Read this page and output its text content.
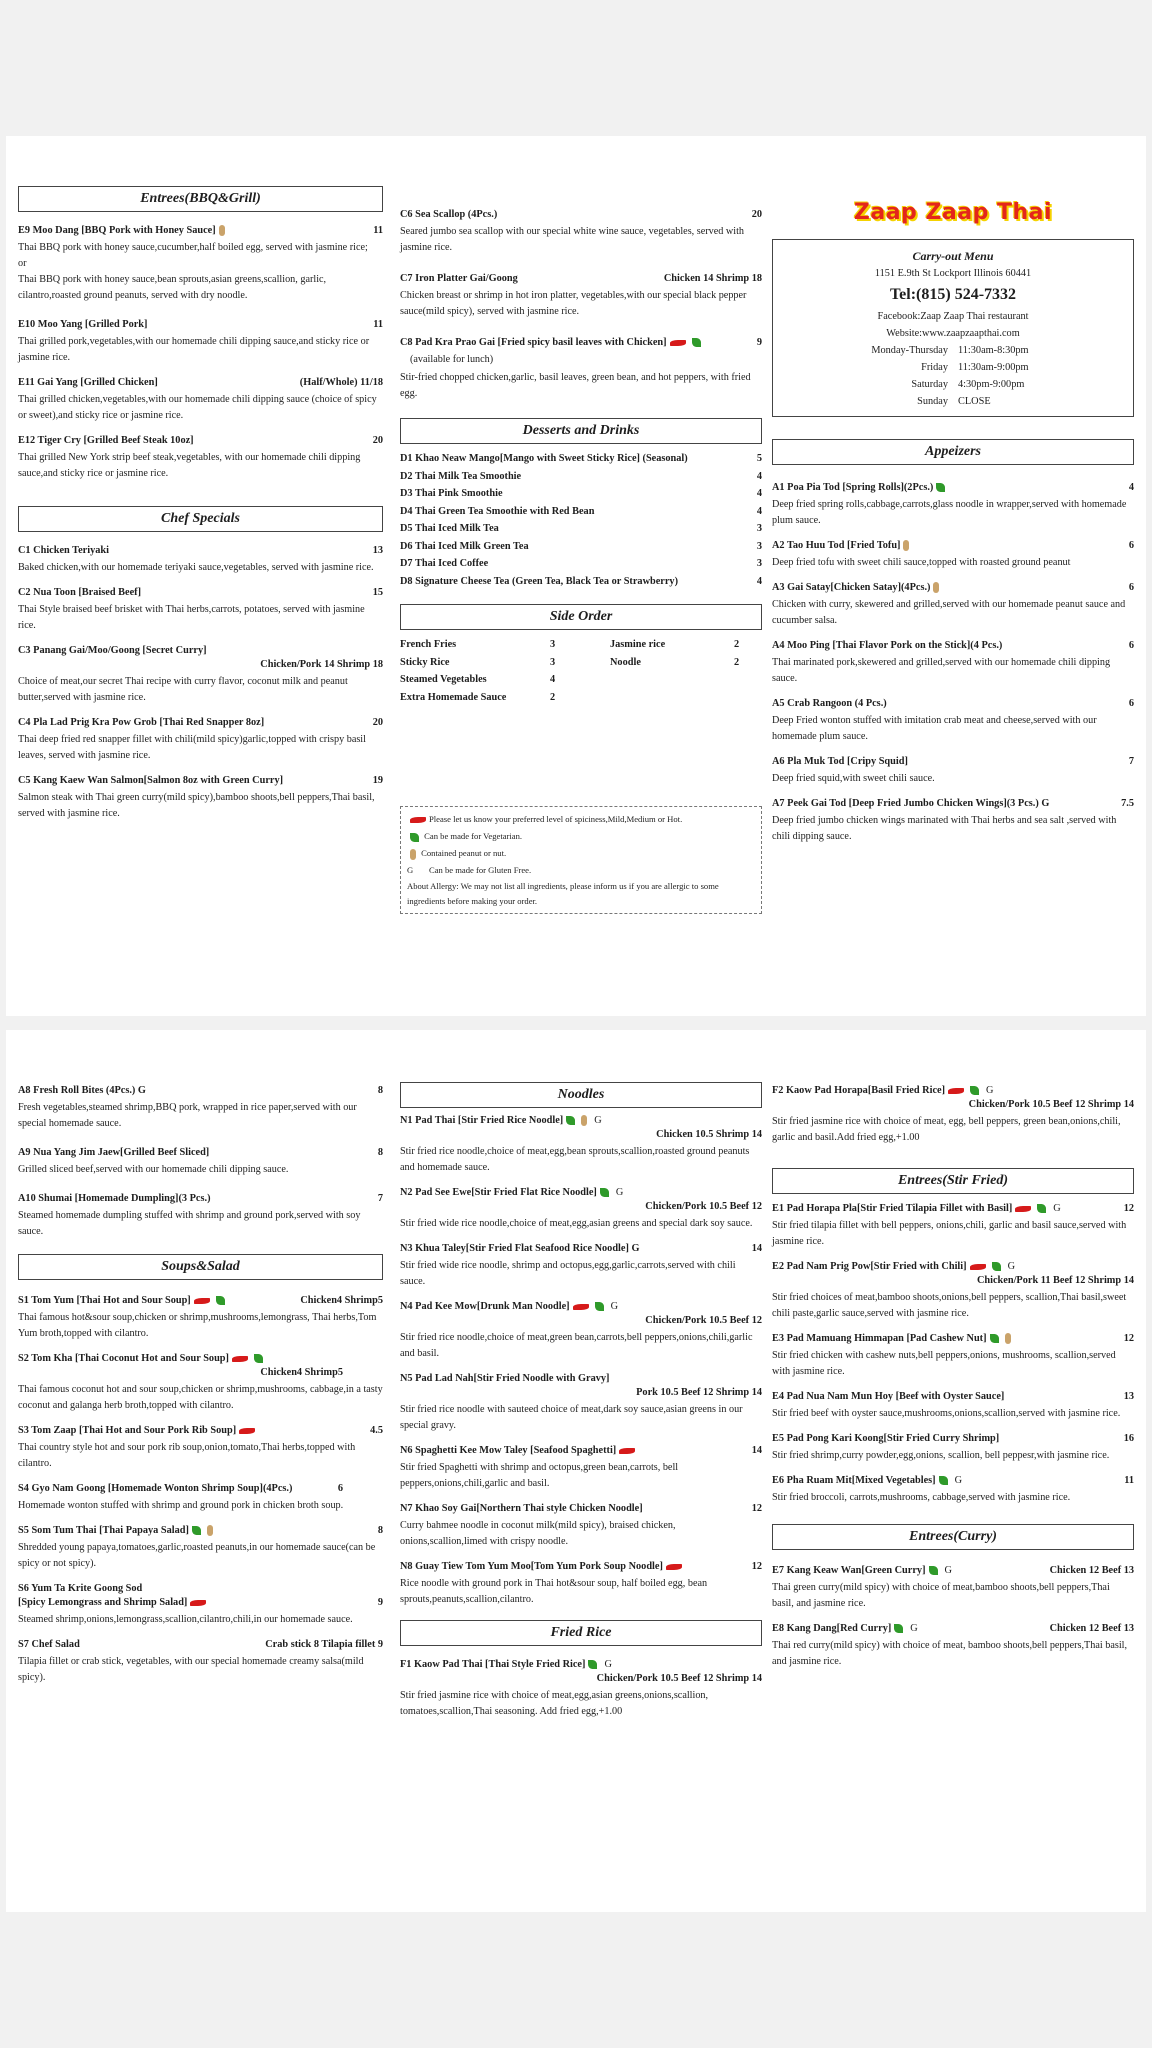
Entrees(BBQ&Grill)
E9 Moo Dang [BBQ Pork with Honey Sauce]	11
Thai BBQ pork with honey sauce,cucumber,half boiled egg, served with jasmine rice;
or
Thai BBQ pork with honey sauce,bean sprouts,asian greens,scallion, garlic, cilantro,roasted ground peanuts, served with dry noodle.
E10 Moo Yang [Grilled Pork]	11
Thai grilled pork,vegetables,with our homemade chili dipping sauce,and sticky rice or jasmine rice.
E11 Gai Yang [Grilled Chicken]	(Half/Whole) 11/18
Thai grilled chicken,vegetables,with our homemade chili dipping sauce (choice of spicy or sweet),and sticky rice or jasmine rice.
E12 Tiger Cry [Grilled Beef Steak 10oz]	20
Thai grilled New York strip beef steak,vegetables, with our homemade chili dipping sauce,and sticky rice or jasmine rice.
Chef Specials
C1 Chicken Teriyaki	13
Baked chicken,with our homemade teriyaki sauce,vegetables, served with jasmine rice.
C2 Nua Toon [Braised Beef]	15
Thai Style braised beef brisket with Thai herbs,carrots, potatoes, served with jasmine rice.
C3 Panang Gai/Moo/Goong [Secret Curry]
Chicken/Pork 14 Shrimp 18
Choice of meat,our secret Thai recipe with curry flavor, coconut milk and peanut butter,served with jasmine rice.
C4 Pla Lad Prig Kra Pow Grob [Thai Red Snapper 8oz]	20
Thai deep fried red snapper fillet with chili(mild spicy)garlic,topped with crispy basil leaves, served with jasmine rice.
C5 Kang Kaew Wan Salmon[Salmon 8oz with Green Curry]	19
Salmon steak with Thai green curry(mild spicy),bamboo shoots,bell peppers,Thai basil, served with jasmine rice.
C6 Sea Scallop (4Pcs.)	20
Seared jumbo sea scallop with our special white wine sauce, vegetables, served with jasmine rice.
C7 Iron Platter Gai/Goong	Chicken 14 Shrimp 18
Chicken breast or shrimp in hot iron platter, vegetables,with our special black pepper sauce(mild spicy), served with jasmine rice.
C8 Pad Kra Prao Gai [Fried spicy basil leaves with Chicken]	9
(available for lunch)
Stir-fried chopped chicken,garlic, basil leaves, green bean, and hot peppers, with fried egg.
Desserts and Drinks
D1 Khao Neaw Mango[Mango with Sweet Sticky Rice] (Seasonal)	5
D2 Thai Milk Tea Smoothie	4
D3 Thai Pink Smoothie	4
D4 Thai Green Tea Smoothie with Red Bean	4
D5 Thai Iced Milk Tea	3
D6 Thai Iced Milk Green Tea	3
D7 Thai Iced Coffee	3
D8 Signature Cheese Tea (Green Tea, Black Tea or Strawberry)	4
Side Order
French Fries	3	Jasmine rice	2
Sticky Rice	3	Noodle	2
Steamed Vegetables	4
Extra Homemade Sauce	2
Please let us know your preferred level of spiciness,Mild,Medium or Hot.
Can be made for Vegetarian.
Contained peanut or nut.
G Can be made for Gluten Free.
About Allergy: We may not list all ingredients, please inform us if you are allergic to some ingredients before making your order.
Zaap Zaap Thai
Carry-out Menu
1151 E.9th St Lockport Illinois 60441
Tel:(815) 524-7332
Facebook:Zaap Zaap Thai restaurant
Website:www.zaapzaapthai.com
Monday-Thursday 11:30am-8:30pm
Friday 11:30am-9:00pm
Saturday 4:30pm-9:00pm
Sunday CLOSE
Appeizers
A1 Poa Pia Tod [Spring Rolls](2Pcs.)	4
Deep fried spring rolls,cabbage,carrots,glass noodle in wrapper,served with homemade plum sauce.
A2 Tao Huu Tod [Fried Tofu]	6
Deep fried tofu with sweet chili sauce,topped with roasted ground peanut
A3 Gai Satay[Chicken Satay](4Pcs.)	6
Chicken with curry, skewered and grilled,served with our homemade peanut sauce and cucumber salsa.
A4 Moo Ping [Thai Flavor Pork on the Stick](4 Pcs.)	6
Thai marinated pork,skewered and grilled,served with our homemade chili dipping sauce.
A5 Crab Rangoon (4 Pcs.)	6
Deep Fried wonton stuffed with imitation crab meat and cheese,served with our homemade plum sauce.
A6 Pla Muk Tod [Cripy Squid]	7
Deep fried squid,with sweet chili sauce.
A7 Peek Gai Tod [Deep Fried Jumbo Chicken Wings](3 Pcs.) G	7.5
Deep fried jumbo chicken wings marinated with Thai herbs and sea salt ,served with chili dipping sauce.
A8 Fresh Roll Bites (4Pcs.) G	8
Fresh vegetables,steamed shrimp,BBQ pork, wrapped in rice paper,served with our special homemade sauce.
A9 Nua Yang Jim Jaew[Grilled Beef Sliced]	8
Grilled sliced beef,served with our homemade chili dipping sauce.
A10 Shumai [Homemade Dumpling](3 Pcs.)	7
Steamed homemade dumpling stuffed with shrimp and ground pork,served with soy sauce.
Soups&Salad
S1 Tom Yum [Thai Hot and Sour Soup]	Chicken4 Shrimp5
Thai famous hot&sour soup,chicken or shrimp,mushrooms,lemongrass, Thai herbs,Tom Yum broth,topped with cilantro.
S2 Tom Kha [Thai Coconut Hot and Sour Soup]
Chicken4 Shrimp5
Thai famous coconut hot and sour soup,chicken or shrimp,mushrooms, cabbage,in a tasty coconut and galanga herb broth,topped with cilantro.
S3 Tom Zaap [Thai Hot and Sour Pork Rib Soup]	4.5
Thai country style hot and sour pork rib soup,onion,tomato,Thai herbs,topped with cilantro.
S4 Gyo Nam Goong [Homemade Wonton Shrimp Soup](4Pcs.)	6
Homemade wonton stuffed with shrimp and ground pork in chicken broth soup.
S5 Som Tum Thai [Thai Papaya Salad]	8
Shredded young papaya,tomatoes,garlic,roasted peanuts,in our homemade sauce(can be spicy or not spicy).
S6 Yum Ta Krite Goong Sod
[Spicy Lemongrass and Shrimp Salad]	9
Steamed shrimp,onions,lemongrass,scallion,cilantro,chili,in our homemade sauce.
S7 Chef Salad	Crab stick 8 Tilapia fillet 9
Tilapia fillet or crab stick, vegetables, with our special homemade creamy salsa(mild spicy).
Noodles
N1 Pad Thai [Stir Fried Rice Noodle]	G
Chicken 10.5 Shrimp 14
Stir fried rice noodle,choice of meat,egg,bean sprouts,scallion,roasted ground peanuts and homemade sauce.
N2 Pad See Ewe[Stir Fried Flat Rice Noodle] G
Chicken/Pork 10.5 Beef 12
Stir fried wide rice noodle,choice of meat,egg,asian greens and special dark soy sauce.
N3 Khua Taley[Stir Fried Flat Seafood Rice Noodle] G	14
Stir fried wide rice noodle, shrimp and octopus,egg,garlic,carrots,served with chili sauce.
N4 Pad Kee Mow[Drunk Man Noodle]	G
Chicken/Pork 10.5 Beef 12
Stir fried rice noodle,choice of meat,green bean,carrots,bell peppers,onions,chili,garlic and basil.
N5 Pad Lad Nah[Stir Fried Noodle with Gravy]
Pork 10.5 Beef 12 Shrimp 14
Stir fried rice noodle with sauteed choice of meat,dark soy sauce,asian greens in our special gravy.
N6 Spaghetti Kee Mow Taley [Seafood Spaghetti]	14
Stir fried Spaghetti with shrimp and octopus,green bean,carrots, bell peppers,onions,chili,garlic and basil.
N7 Khao Soy Gai[Northern Thai style Chicken Noodle]	12
Curry bahmee noodle in coconut milk(mild spicy), braised chicken, onions,scallion,limed with crispy noodle.
N8 Guay Tiew Tom Yum Moo[Tom Yum Pork Soup Noodle]	12
Rice noodle with ground pork in Thai hot&sour soup, half boiled egg, bean sprouts,peanuts,scallion,cilantro.
Fried Rice
F1 Kaow Pad Thai [Thai Style Fried Rice] G
Chicken/Pork 10.5 Beef 12 Shrimp 14
Stir fried jasmine rice with choice of meat,egg,asian greens,onions,scallion, tomatoes,scallion,Thai seasoning. Add fried egg,+1.00
F2 Kaow Pad Horapa[Basil Fried Rice]	G
Chicken/Pork 10.5 Beef 12 Shrimp 14
Stir fried jasmine rice with choice of meat, egg, bell peppers, green bean,onions,chili, garlic and basil.Add fried egg,+1.00
Entrees(Stir Fried)
E1 Pad Horapa Pla[Stir Fried Tilapia Fillet with Basil]	G	12
Stir fried tilapia fillet with bell peppers, onions,chili, garlic and basil sauce,served with jasmine rice.
E2 Pad Nam Prig Pow[Stir Fried with Chili]	G
Chicken/Pork 11 Beef 12 Shrimp 14
Stir fried choices of meat,bamboo shoots,onions,bell peppers, scallion,Thai basil,sweet chili paste,garlic sauce,served with jasmine rice.
E3 Pad Mamuang Himmapan [Pad Cashew Nut]	12
Stir fried chicken with cashew nuts,bell peppers,onions, mushrooms, scallion,served with jasmine rice.
E4 Pad Nua Nam Mun Hoy [Beef with Oyster Sauce]	13
Stir fried beef with oyster sauce,mushrooms,onions,scallion,served with jasmine rice.
E5 Pad Pong Kari Koong[Stir Fried Curry Shrimp]	16
Stir fried shrimp,curry powder,egg,onions, scallion, bell peppesr,with jasmine rice.
E6 Pha Ruam Mit[Mixed Vegetables] G	11
Stir fried broccoli, carrots,mushrooms, cabbage,served with jasmine rice.
Entrees(Curry)
E7 Kang Keaw Wan[Green Curry] G	Chicken 12 Beef 13
Thai green curry(mild spicy) with choice of meat,bamboo shoots,bell peppers,Thai basil, and jasmine rice.
E8 Kang Dang[Red Curry] G	Chicken 12 Beef 13
Thai red curry(mild spicy) with choice of meat, bamboo shoots,bell peppers,Thai basil, and jasmine rice.
